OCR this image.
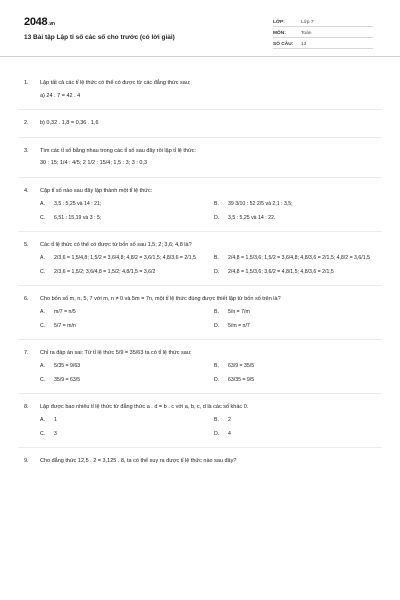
2048.vn
13 Bài tập Lập tỉ số các số cho trước (có lời giải)
LỚP:	Lớp 7
MÔN:	Toán
SỐ CÂU:	13
1.	Lập tất cả các tỉ lệ thức có thể có được từ các đẳng thức sau:
a) 24 . 7 = 42 . 4
2.	b) 0,32 . 1,8 = 0,36 . 1,6
3.	Tìm các tỉ số bằng nhau trong các tỉ số sau đây rồi lập tỉ lệ thức:
30 : 15; 1/4 : 4/5; 2 1/2 : 15/4; 1,5 : 3; 3 : 0,3
4.	Cặp tỉ số nào sau đây lập thành một tỉ lệ thức:
A.	3,5 : 5,25 và 14 : 21;	B.	39 3/10 : 52 2/5 và 2,1 : 3,5;
C.	6,51 : 15,19 và 3 : 5;	D.	3,5 : 5,25 và 14 : 22.
5.	Các tỉ lệ thức có thể có được từ bốn số sau 1,5; 2; 3,6; 4,8 là?
A.	2/3,6 = 1,5/4,8; 1,5/2 = 3,6/4,8; 4,8/2 = 3,6/1,5; 4,8/3,6 = 2/1,5	B.	2/4,8 = 1,5/3,6; 1,5/2 = 3,6/4,8; 4,8/3,6 = 2/1,5; 4,8/2 = 3,6/1,5
C.	2/3,6 = 1,5/2; 3,6/4,8 = 1,5/2; 4,8/1,5 = 3,6/2	D.	2/4,8 = 1,5/3,6; 3,6/2 = 4,8/1,5; 4,8/3,6 = 2/1,5
6.	Cho bốn số m, n, 5, 7 với m, n ≠ 0 và 5m = 7n, một tỉ lệ thức đúng được thiết lập từ bốn số trên là?
A.	m/7 = n/5	B.	5/n = 7/m
C.	5/7 = m/n	D.	5/m = n/7
7.	Chỉ ra đáp án sai: Từ tỉ lệ thức 5/9 = 35/63 ta có tỉ lệ thức sau:
A.	5/35 = 9/63	B.	63/9 = 35/5
C.	35/9 = 63/5	D.	63/35 = 9/5
8.	Lập được bao nhiêu tỉ lệ thức từ đẳng thức a . d = b . c với a, b, c, d là các số khác 0.
A.	1	B.	2
C.	3	D.	4
9.	Cho đẳng thức 12,5 . 2 = 3,125 . 8, ta có thể suy ra được tỉ lệ thức nào sau đây?
